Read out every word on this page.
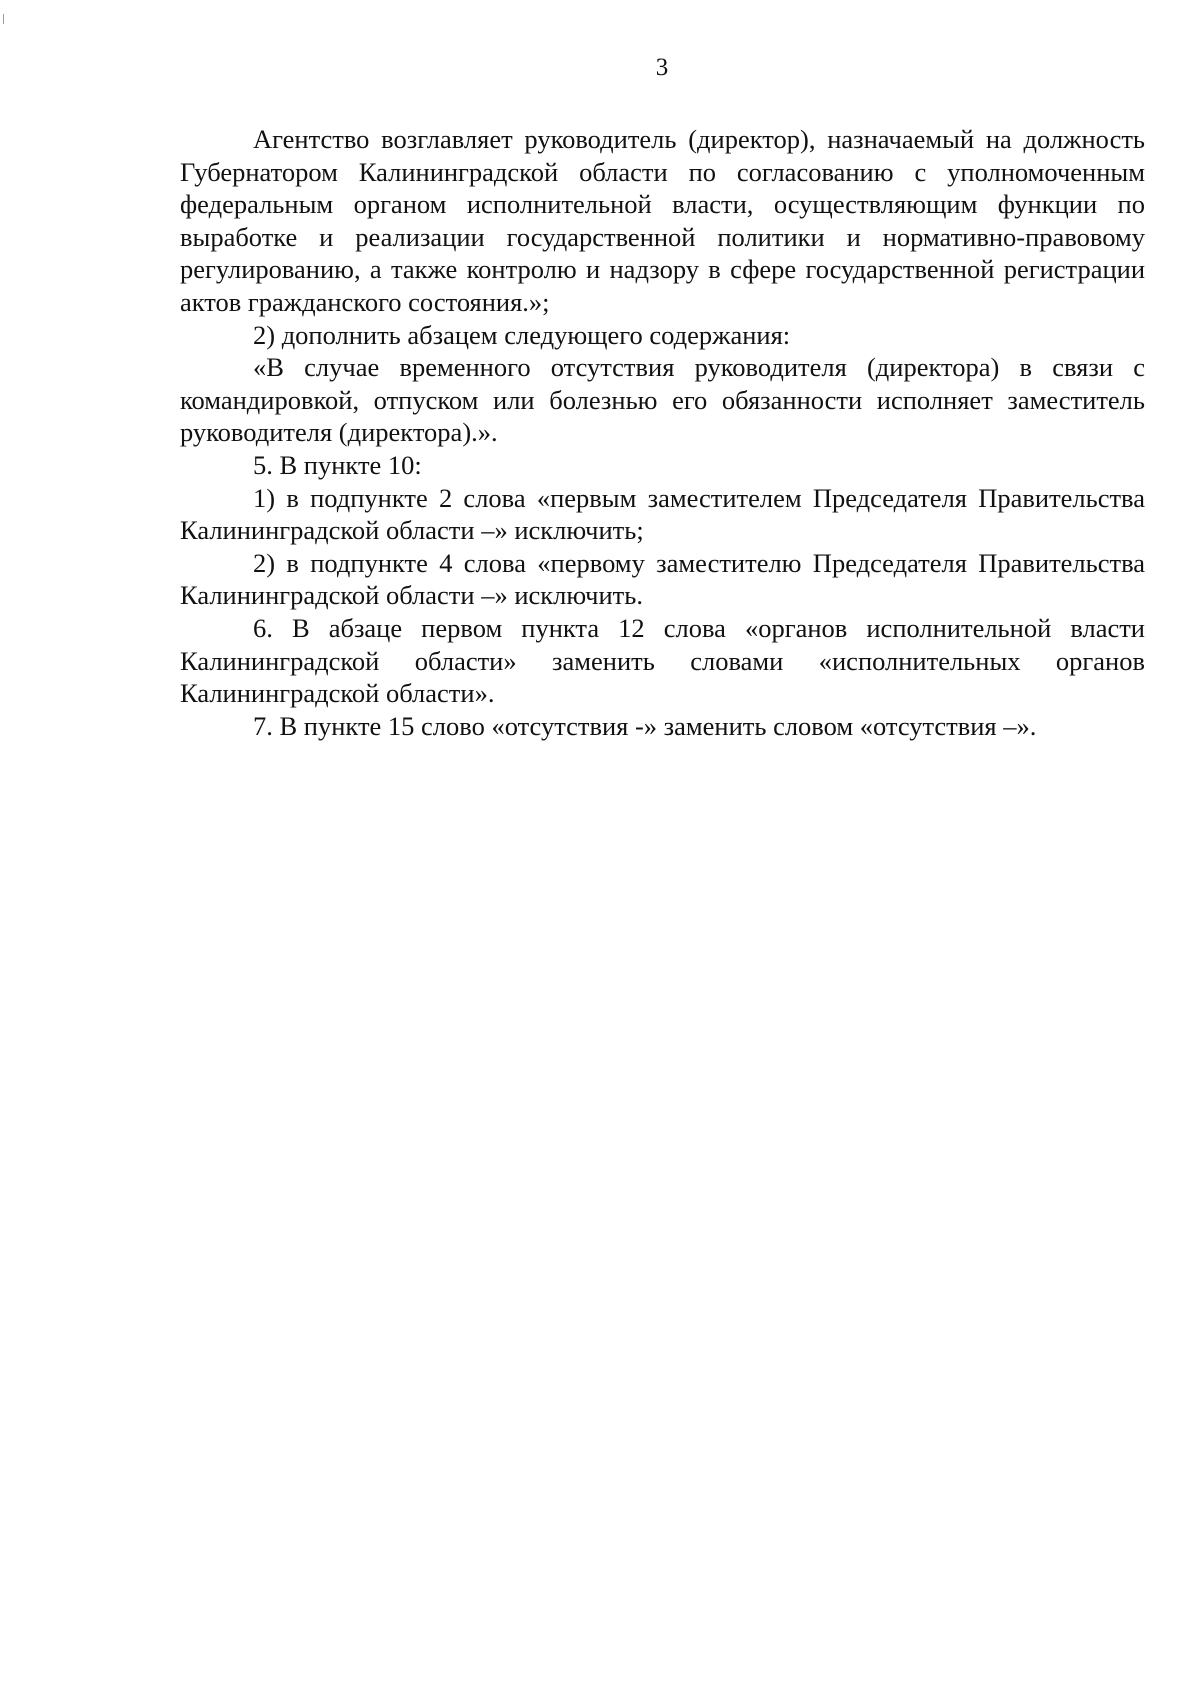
3

Агентство возглавляет руководитель (директор), назначаемый на должность Губернатором Калининградской области по согласованию с уполномоченным федеральным органом исполнительной власти, осуществляющим функции по выработке и реализации государственной политики и нормативно-правовому регулированию, а также контролю и надзору в сфере государственной регистрации актов гражданского состояния.»;

2) дополнить абзацем следующего содержания:

«В случае временного отсутствия руководителя (директора) в связи с командировкой, отпуском или болезнью его обязанности исполняет заместитель руководителя (директора).».

5. В пункте 10:

1) в подпункте 2 слова «первым заместителем Председателя Правительства Калининградской области –» исключить;

2) в подпункте 4 слова «первому заместителю Председателя Правительства Калининградской области –» исключить.

6. В абзаце первом пункта 12 слова «органов исполнительной власти Калининградской области» заменить словами «исполнительных органов Калининградской области».

7. В пункте 15 слово «отсутствия -» заменить словом «отсутствия –».
